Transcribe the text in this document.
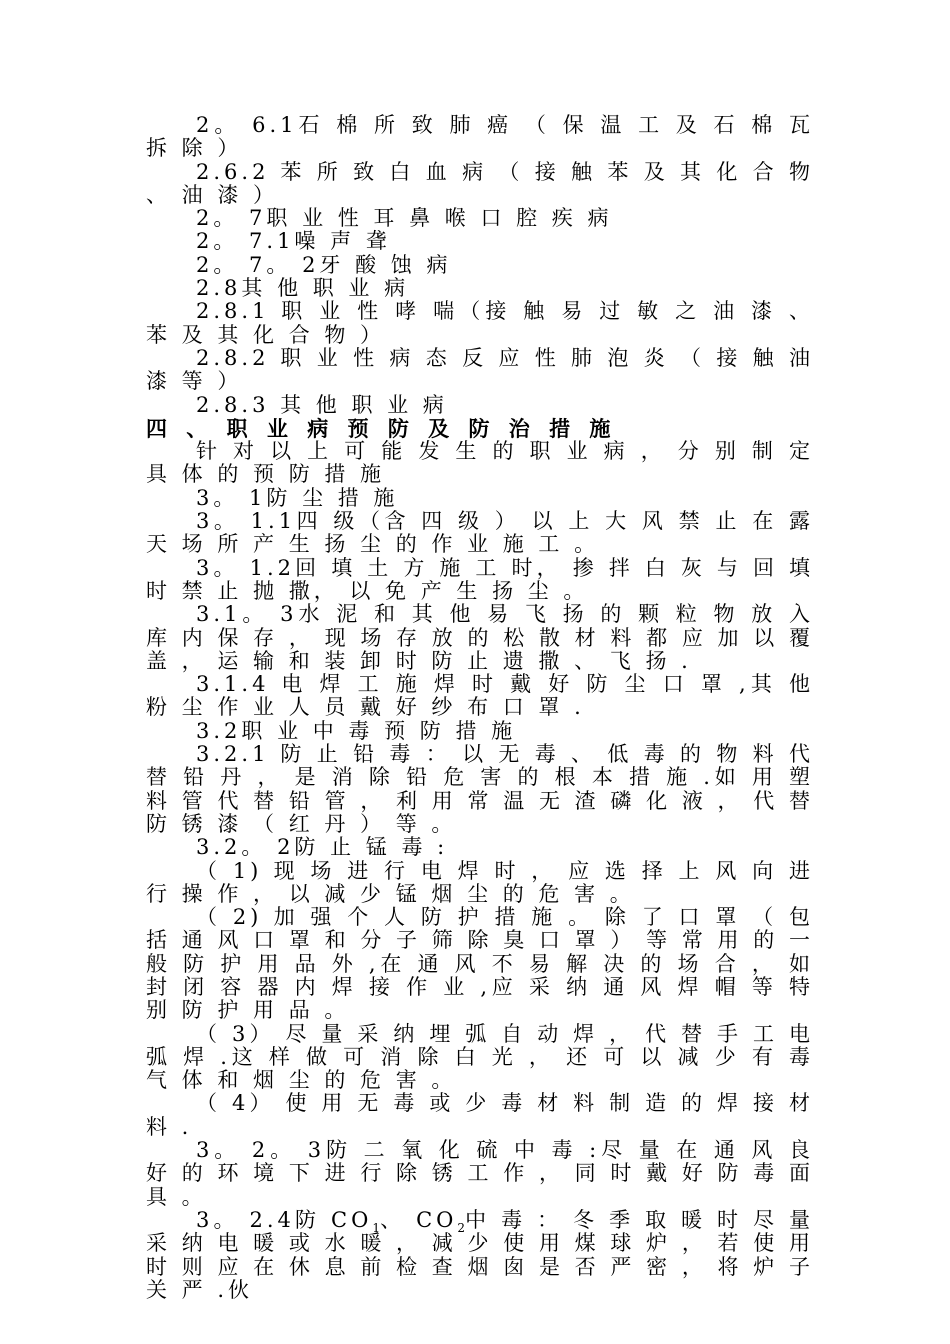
2。 6.1石 棉 所 致 肺 癌 （ 保 温 工 及 石 棉 瓦 拆 除 ）

2.6.2 苯 所 致 白 血 病 （ 接 触 苯 及 其 化 合 物 、 油 漆 ）

2。 7职 业 性 耳 鼻 喉 口 腔 疾 病

2。 7.1噪 声 聋

2。 7。 2牙 酸 蚀 病

2.8其 他 职 业 病

2.8.1 职 业 性 哮 喘（接 触 易 过 敏 之 油 漆 、 苯 及 其 化 合 物 ）

2.8.2 职 业 性 病 态 反 应 性 肺 泡 炎 （ 接 触 油 漆 等 ）

2.8.3 其 他 职 业 病

四 、 职 业 病 预 防 及 防 治 措 施

针 对 以 上 可 能 发 生 的 职 业 病 ， 分 别 制 定 具 体 的 预 防 措 施

3。 1防 尘 措 施

3。 1.1四 级（含 四 级 ） 以 上 大 风 禁 止 在 露 天 场 所 产 生 扬 尘 的 作 业 施 工 。

3。 1.2回 填 土 方 施 工 时， 掺 拌 白 灰 与 回 填 时 禁 止 抛 撒， 以 免 产 生 扬 尘 。

3.1。 3水 泥 和 其 他 易 飞 扬 的 颗 粒 物 放 入 库 内 保 存 ， 现 场 存 放 的 松 散 材 料 都 应 加 以 覆 盖 ， 运 输 和 装 卸 时 防 止 遗 撒 、 飞 扬 .

3.1.4 电 焊 工 施 焊 时 戴 好 防 尘 口 罩 ,其 他 粉 尘 作 业 人 员 戴 好 纱 布 口 罩 .

3.2职 业 中 毒 预 防 措 施

3.2.1 防 止 铅 毒 ： 以 无 毒 、 低 毒 的 物 料 代 替 铅 丹 ， 是 消 除 铅 危 害 的 根 本 措 施 .如 用 塑 料 管 代 替 铅 管 ， 利 用 常 温 无 渣 磷 化 液 ， 代 替 防 锈 漆 （ 红 丹 ） 等 。

3.2。 2防 止 锰 毒 :

（ 1) 现 场 进 行 电 焊 时 ， 应 选 择 上 风 向 进 行 操 作 ， 以 减 少 锰 烟 尘 的 危 害 。

（ 2) 加 强 个 人 防 护 措 施 。 除 了 口 罩 （ 包 括 通 风 口 罩 和 分 子 筛 除 臭 口 罩 ） 等 常 用 的 一 般 防 护 用 品 外 ,在 通 风 不 易 解 决 的 场 合 ， 如 封 闭 容 器 内 焊 接 作 业 ,应 采 纳 通 风 焊 帽 等 特 别 防 护 用 品 。

（ 3） 尽 量 采 纳 埋 弧 自 动 焊 ， 代 替 手 工 电 弧 焊 .这 样 做 可 消 除 白 光 ， 还 可 以 减 少 有 毒 气 体 和 烟 尘 的 危 害 。

（ 4） 使 用 无 毒 或 少 毒 材 料 制 造 的 焊 接 材 料 .

3。 2。 3防 二 氧 化 硫 中 毒 :尽 量 在 通 风 良 好 的 环 境 下 进 行 除 锈 工 作 ， 同 时 戴 好 防 毒 面 具 。

3。 2.4防 $CO_1$、 $CO_2$中 毒 ： 冬 季 取 暖 时 尽 量 采 纳 电 暖 或 水 暖 ， 减 少 使 用 煤 球 炉 ， 若 使 用 时 则 应 在 休 息 前 检 查 烟 囱 是 否 严 密 ， 将 炉 子 关 严 .伙
